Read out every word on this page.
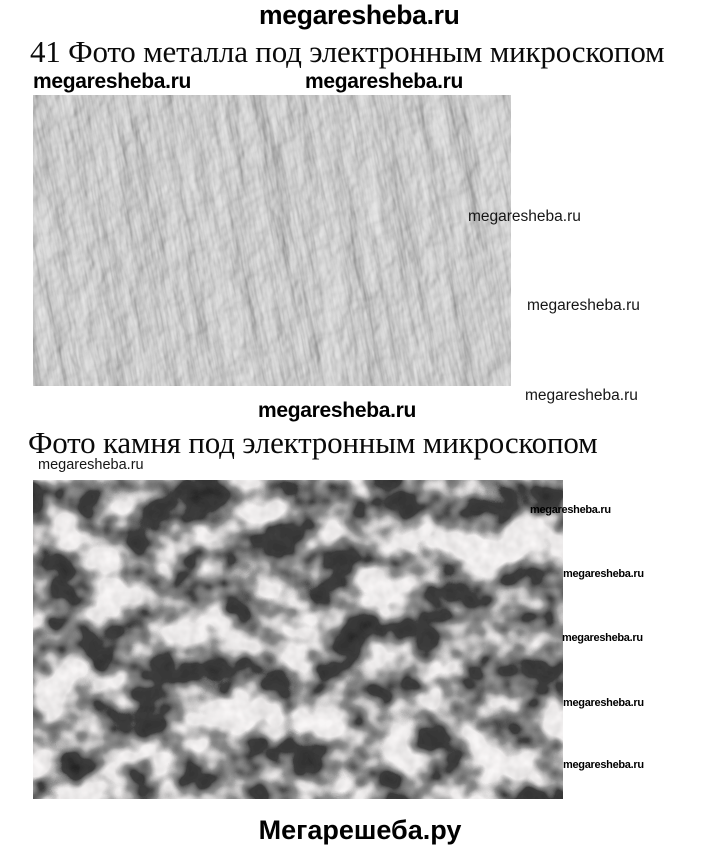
megaresheba.ru
41 Фото металла под электронным микроскопом
megaresheba.ru	megaresheba.ru
megaresheba.ru
megaresheba.ru
megaresheba.ru
megaresheba.ru
Фото камня под электронным микроскопом
megaresheba.ru
megaresheba.ru
megaresheba.ru
megaresheba.ru
megaresheba.ru
megaresheba.ru
Мегарешеба.ру
